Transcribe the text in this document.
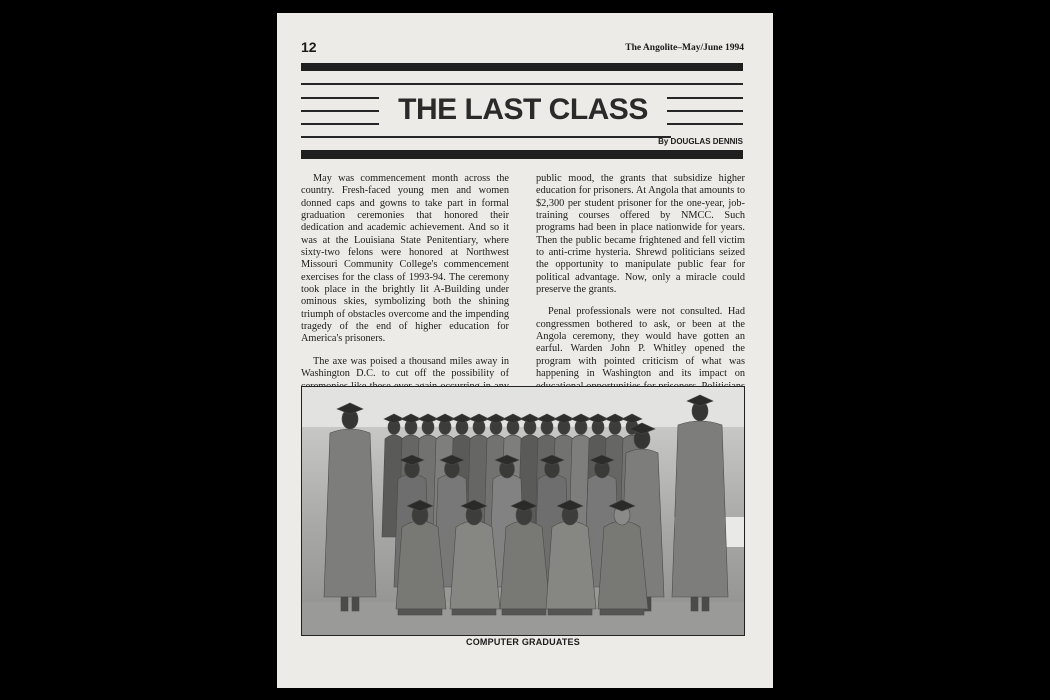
12	The Angolite–May/June 1994
THE LAST CLASS
By DOUGLAS DENNIS

May was commencement month across the country. Fresh-faced young men and women donned caps and gowns to take part in formal graduation ceremonies that honored their dedication and academic achievement. And so it was at the Louisiana State Penitentiary, where sixty-two felons were honored at Northwest Missouri Community College's commencement exercises for the class of 1993-94. The ceremony took place in the brightly lit A-Building under ominous skies, symbolizing both the shining triumph of obstacles overcome and the impending tragedy of the end of higher education for America's prisoners.

The axe was poised a thousand miles away in Washington D.C. to cut off the possibility of

public mood, the grants that subsidize higher education for prisoners. At Angola that amounts to $2,300 per student prisoner for the one-year, job-training courses offered by NMCC. Such programs had been in place nationwide for years. Then the public became frightened and fell victim to anti-crime hysteria. Shrewd politicians seized the opportunity to manipulate public fear for political advantage. Now, only a miracle could preserve the grants.

Penal professionals were not consulted. Had congressmen bothered to ask, or been at the Angola ceremony, they would have gotten an earful. Warden John P. Whitley opened the program with pointed criticism of what was happening in Washington and its impact on

COMPUTER GRADUATES
